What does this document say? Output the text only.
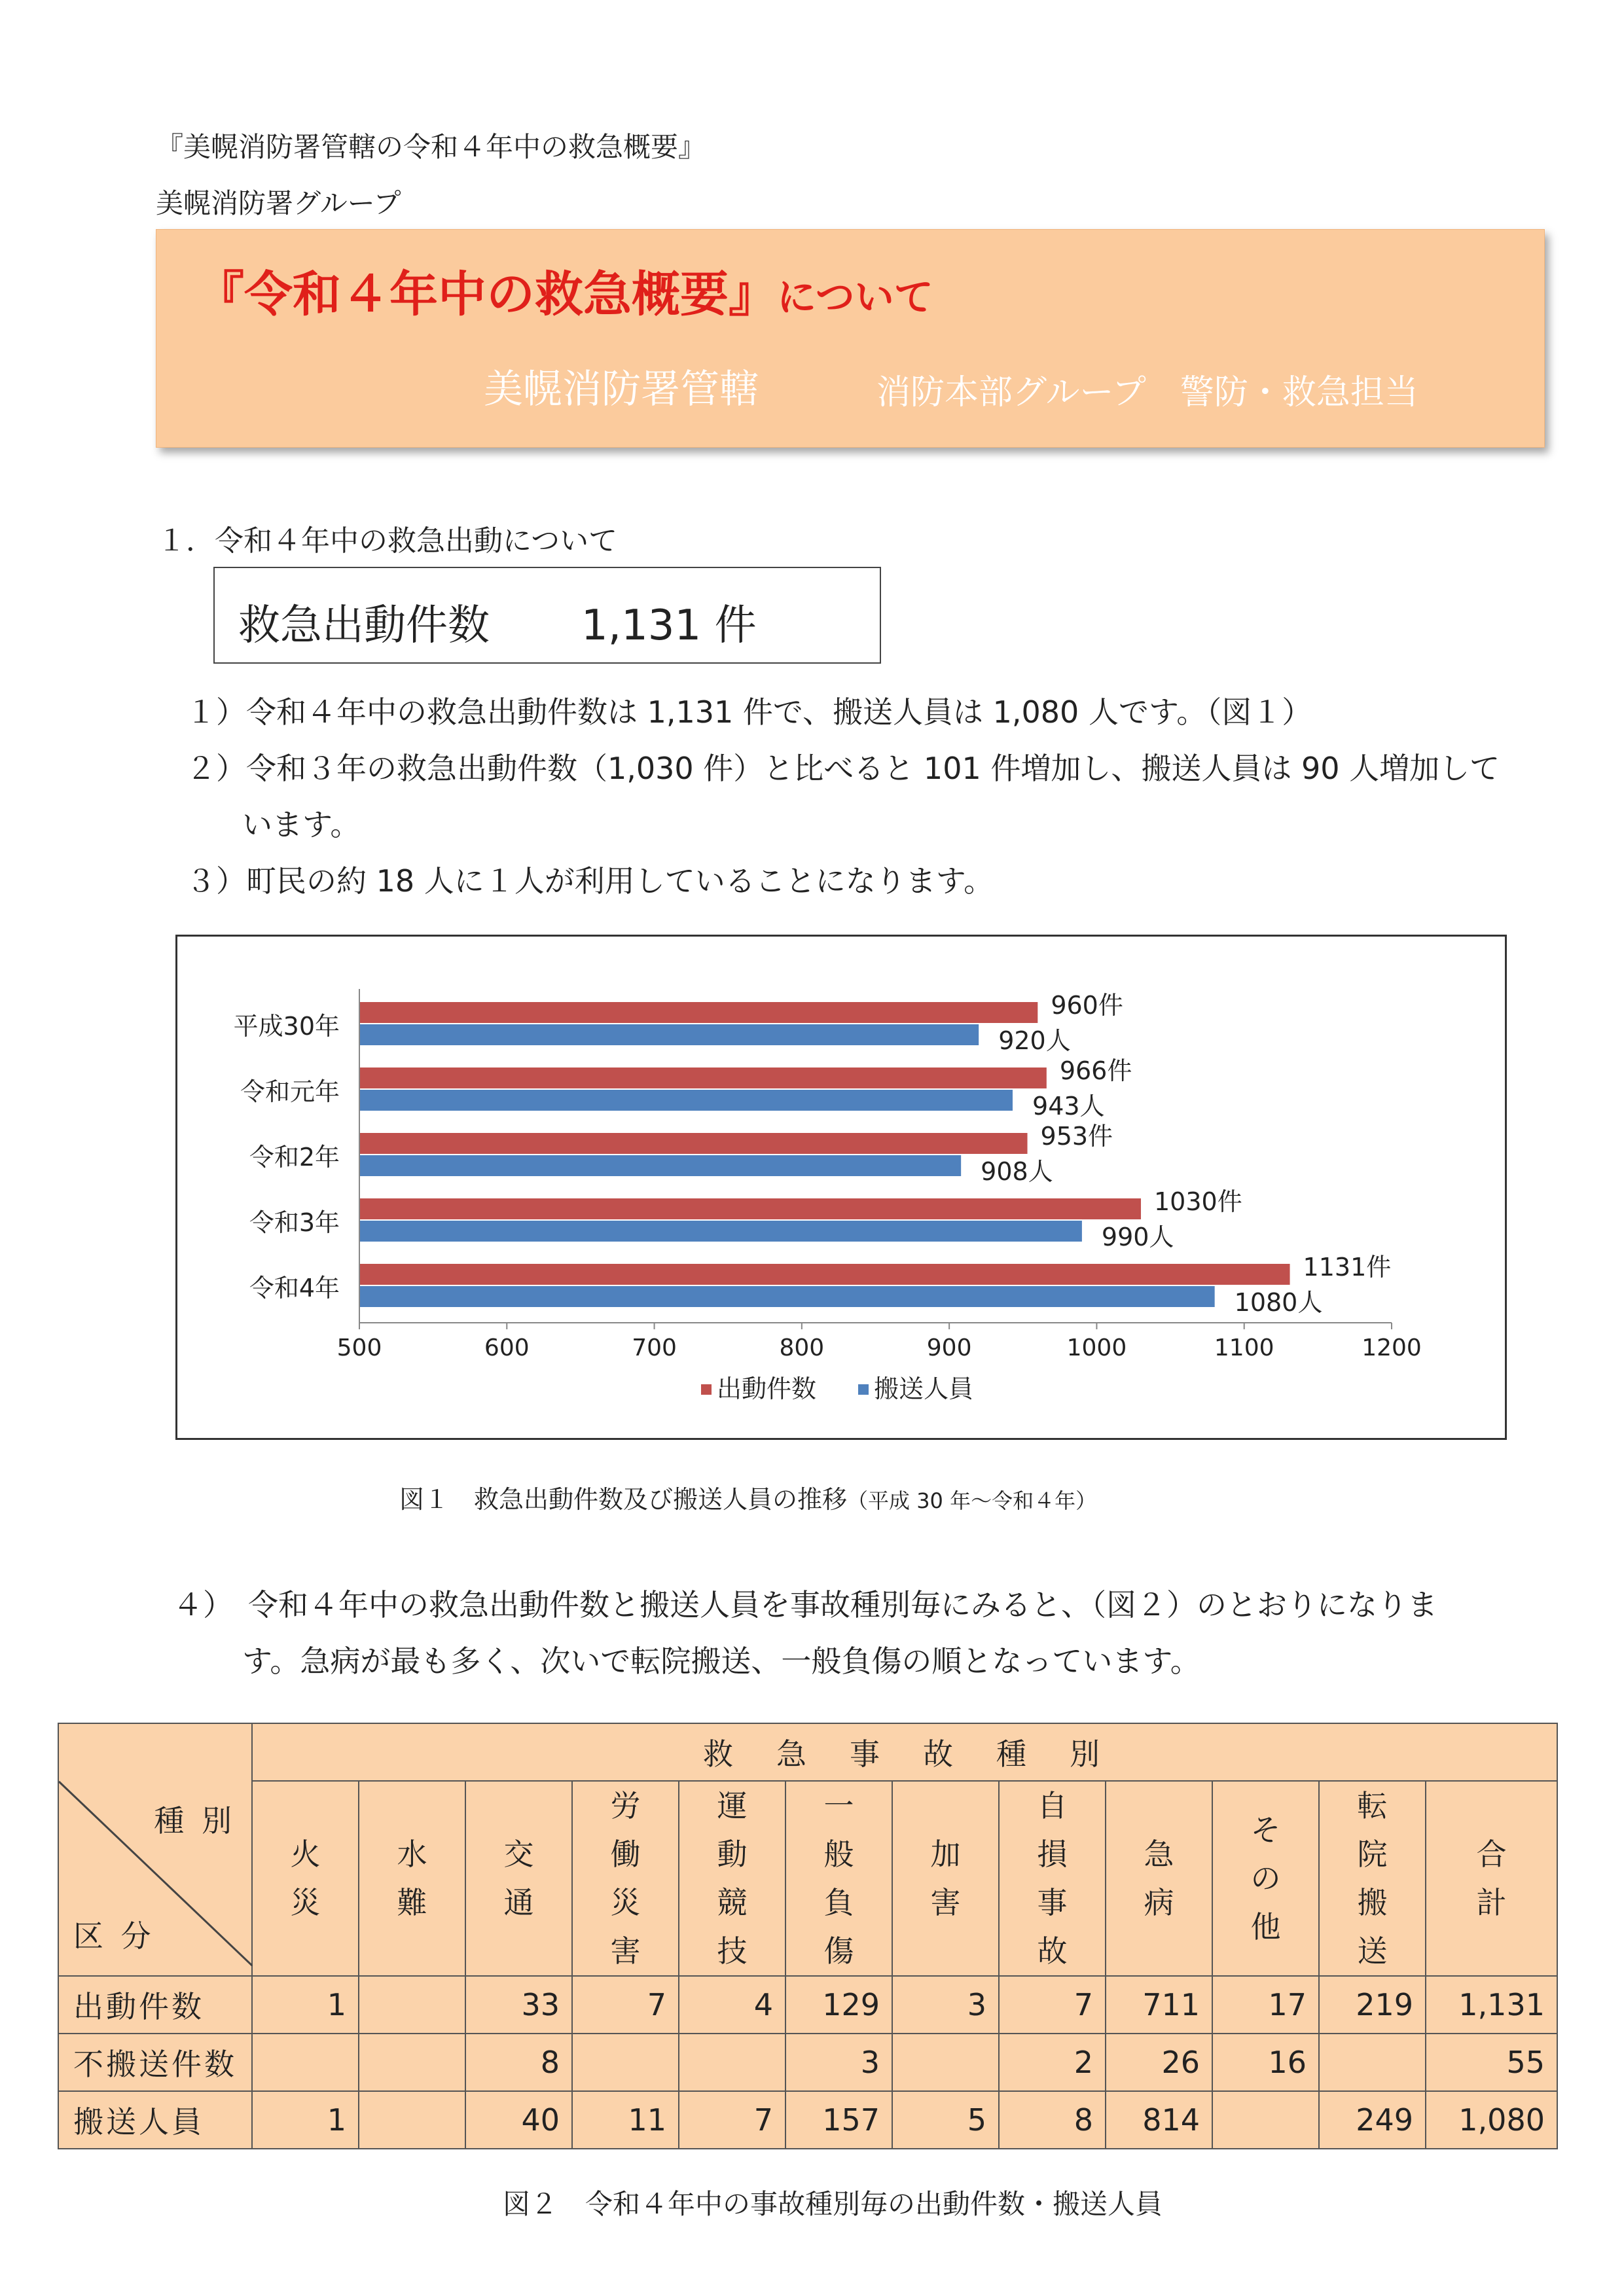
『美幌消防署管轄の令和４年中の救急概要』
美幌消防署グループ
『令和４年中の救急概要』について
美幌消防署管轄	消防本部グループ　警防・救急担当
１．令和４年中の救急出動について
救急出動件数 1,131 件
１）令和４年中の救急出動件数は 1,131 件で、搬送人員は 1,080 人です。（図１）
２）令和３年の救急出動件数（1,030 件）と比べると 101 件増加し、搬送人員は 90 人増加して
います。
３）町民の約 18 人に１人が利用していることになります。
平成30年
960件
920人
令和元年
966件
943人
令和2年
953件
908人
令和3年
1030件
990人
令和4年
1131件
1080人
500	600	700	800	900	1000	1100	1200
出動件数 搬送人員
図１　救急出動件数及び搬送人員の推移（平成 30 年〜令和４年）
４）　令和４年中の救急出動件数と搬送人員を事故種別毎にみると、（図２）のとおりになりま
す。急病が最も多く、次いで転院搬送、一般負傷の順となっています。
種 別
区 分	救　急　事　故　種　別											

	火
災	水
難	交
通	労
働
災
害	運
動
競
技	一
般
負
傷	加
害	自
損
事
故	急
病	そ
の
他	転
院
搬
送	合
計

出動件数	1		33	7	4	129	3	7	711	17	219	1,131
不搬送件数			8			3		2	26	16		55
搬送人員	1		40	11	7	157	5	8	814		249	1,080
図２　令和４年中の事故種別毎の出動件数・搬送人員
